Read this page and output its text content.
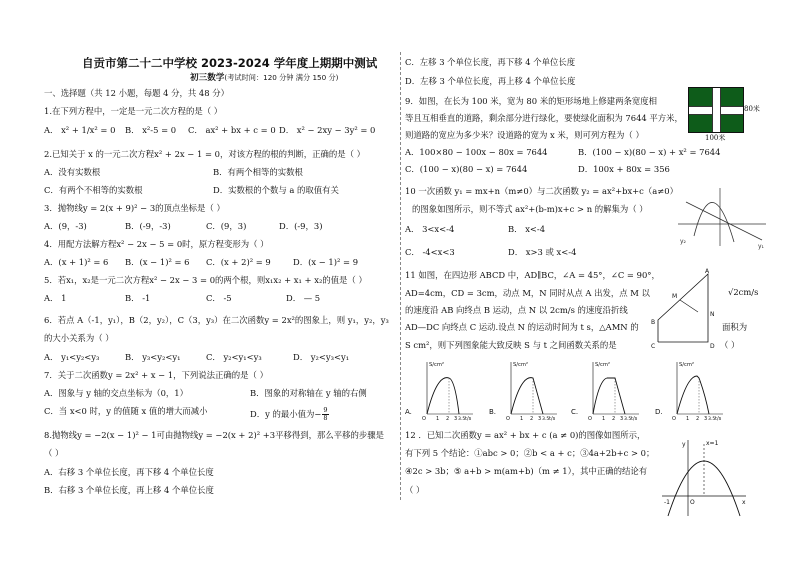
自贡市第二十二中学校 2023-2024 学年度上期期中测试
初三数学(考试时间：120 分钟 满分 150 分)
一、选择题（共 12 小题，每题 4 分，共 48 分）
1.在下列方程中，一定是一元二次方程的是（ ）
A． x² + 1/x² = 0 B． x²-5 = 0 C． ax² + bx + c = 0 D． x² − 2xy − 3y² = 0
2.已知关于 x 的一元二次方程x² + 2x − 1 = 0，对该方程的根的判断，正确的是（ ）
A．没有实数根	B．有两个相等的实数根
C．有两个不相等的实数根	D．实数根的个数与 a 的取值有关
3．抛物线y = 2(x + 9)² − 3的顶点坐标是（ ）
A．(9，-3)	B．(-9，-3)	C．(9，3)	D．(-9，3)
4．用配方法解方程x² − 2x − 5 = 0时，原方程变形为（ ）
A．(x + 1)² = 6 B．(x − 1)² = 6 C．(x + 2)² = 9	D．(x − 1)² = 9
5．若x₁，x₂是一元二次方程x² − 2x − 3 = 0的两个根，则x₁x₂ + x₁ + x₂的值是（ ）
A． 1	B． -1	C． -5	D． — 5
6．若点 A（-1，y₁），B（2，y₂），C（3，y₃）在二次函数y = 2x²的图象上，则 y₁，y₂，y₃
的大小关系为（ ）
A． y₁<y₂<y₃	B． y₃<y₂<y₁	C． y₂<y₁<y₃	D． y₂<y₃<y₁
7．关于二次函数y = 2x² + x − 1，下列说法正确的是（ ）
A．图象与 y 轴的交点坐标为（0，1）	B．图象的对称轴在 y 轴的右侧
C．当 x<0 时，y 的值随 x 值的增大而减小	D．y 的最小值为− $\frac{9}{8}$
8.抛物线y = −2(x − 1)² − 1可由抛物线y = −2(x + 2)² +3平移得到，那么平移的步骤是
（ ）
A．右移 3 个单位长度，再下移 4 个单位长度
B．右移 3 个单位长度，再上移 4 个单位长度
C．左移 3 个单位长度，再下移 4 个单位长度
D．左移 3 个单位长度，再上移 4 个单位长度
9．如图，在长为 100 米，宽为 80 米的矩形场地上修建两条宽度相
等且互相垂直的道路，剩余部分进行绿化，要使绿化面积为 7644 平方米，
则道路的宽应为多少米？设道路的宽为 x 米，则可列方程为（ ）
A．100×80 − 100x − 80x = 7644	B．(100 − x)(80 − x) + x² = 7644
C．(100 − x)(80 − x) = 7644	D．100x + 80x = 356
80米
100米
10 一次函数 y₁ = mx+n（m≠0）与二次函数 y₂ = ax²+bx+c（a≠0）
的图象如图所示，则不等式 ax²+(b-m)x+c > n 的解集为（ ）
A． 3<x<-4	B． x<-4
C． -4<x<3	D． x>3 或 x<-4
y₂
y₁
11 如图，在四边形 ABCD 中，AD∥BC，∠A = 45°，∠C = 90°，
AD=4cm，CD = 3cm，动点 M，N 同时从点 A 出发，点 M 以
的速度沿 AB 向终点 B 运动，点 N 以 2cm/s 的速度沿折线
AD—DC 向终点 C 运动.设点 N 的运动时间为 t s，△AMN 的
S cm²，则下列图象能大致反映 S 与 t 之间函数关系的是
√2cm/s
面积为
（ ）
A
M
N
B
C	D
A.
S/cm²
t/s
O 1 2 3 3.5
B.
S/cm²
t/s
O 1 2 3 3.5
C.
S/cm²
t/s
O 1 2 3 3.5
D.
S/cm²
t/s
O 1 2 3 3.5
12 ．已知二次函数y = ax² + bx + c (a ≠ 0)的图像如图所示，
有下列 5 个结论：①abc > 0；②b < a + c；③4a+2b+c > 0；
④2c > 3b；⑤ a+b > m(am+b)（m ≠ 1），其中正确的结论有
（ ）
x=1
-1	O	x
y
